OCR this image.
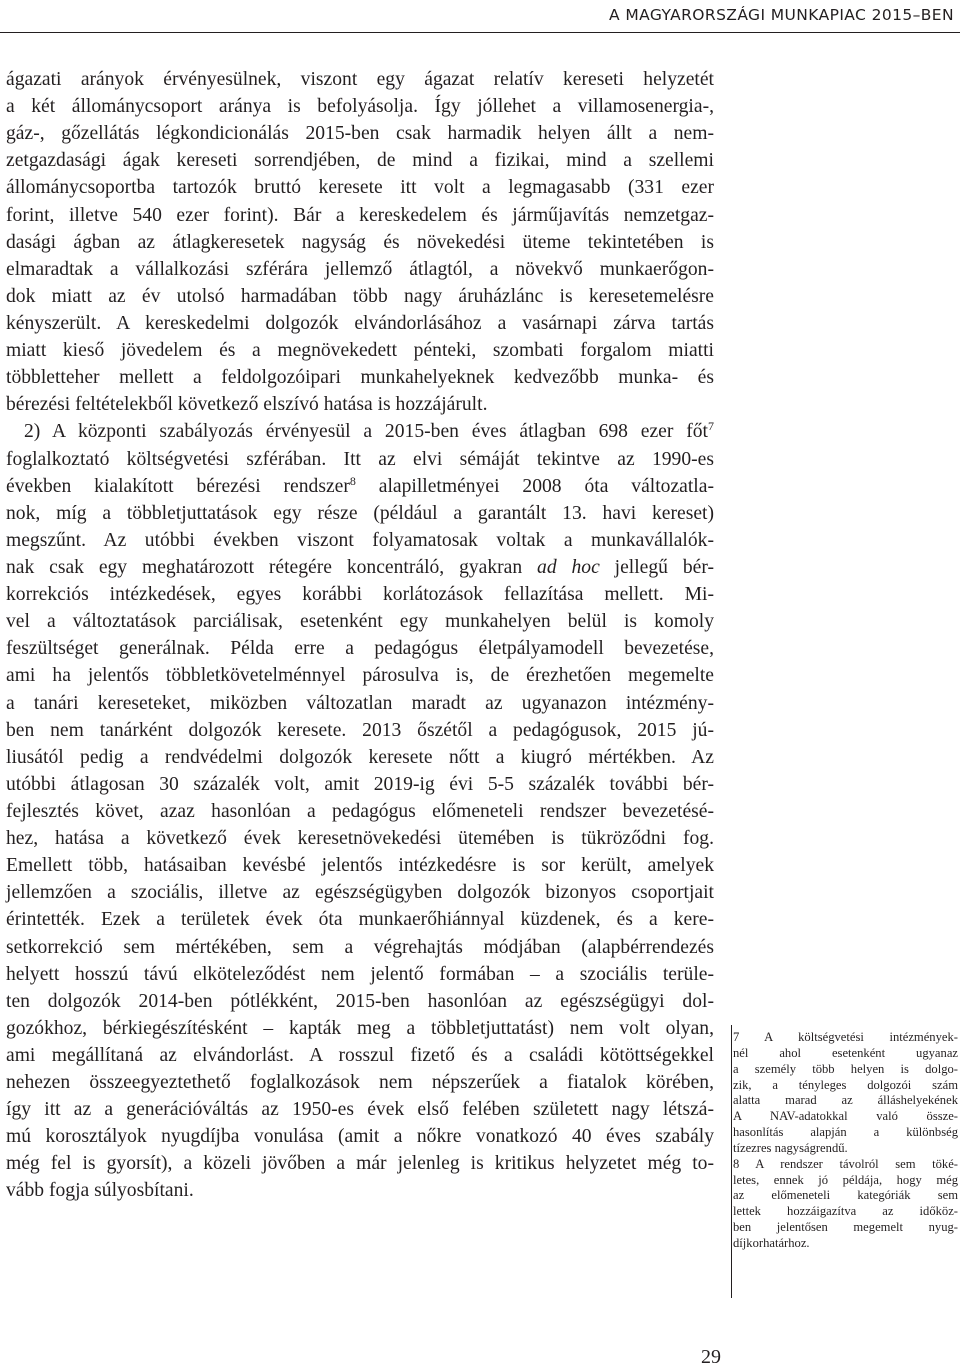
A MAGYARORSZÁGI MUNKAPIAC 2015–BEN
ágazati arányok érvényesülnek, viszont egy ágazat relatív kereseti helyzetét
a két állománycsoport aránya is befolyásolja. Így jóllehet a villamosenergia-,
gáz-, gőzellátás légkondicionálás 2015-ben csak harmadik helyen állt a nem-
zetgazdasági ágak kereseti sorrendjében, de mind a fizikai, mind a szellemi
állománycsoportba tartozók bruttó keresete itt volt a legmagasabb (331 ezer
forint, illetve 540 ezer forint). Bár a kereskedelem és járműjavítás nemzetgaz-
dasági ágban az átlagkeresetek nagyság és növekedési üteme tekintetében is
elmaradtak a vállalkozási szférára jellemző átlagtól, a növekvő munkaerőgon-
dok miatt az év utolsó harmadában több nagy áruházlánc is keresetemelésre
kényszerült. A kereskedelmi dolgozók elvándorlásához a vasárnapi zárva tartás
miatt kieső jövedelem és a megnövekedett pénteki, szombati forgalom miatti
többletteher mellett a feldolgozóipari munkahelyeknek kedvezőbb munka- és
bérezési feltételekből következő elszívó hatása is hozzájárult.
2) A központi szabályozás érvényesül a 2015-ben éves átlagban 698 ezer főt$^7$
foglalkoztató költségvetési szférában. Itt az elvi sémáját tekintve az 1990-es
években kialakított bérezési rendszer$^8$ alapilletményei 2008 óta változatla-
nok, míg a többletjuttatások egy része (például a garantált 13. havi kereset)
megszűnt. Az utóbbi években viszont folyamatosak voltak a munkavállalók-
nak csak egy meghatározott rétegére koncentráló, gyakran ad hoc jellegű bér-
korrekciós intézkedések, egyes korábbi korlátozások fellazítása mellett. Mi-
vel a változtatások parciálisak, esetenként egy munkahelyen belül is komoly
feszültséget generálnak. Példa erre a pedagógus életpályamodell bevezetése,
ami ha jelentős többletkövetelménnyel párosulva is, de érezhetően megemelte
a tanári kereseteket, miközben változatlan maradt az ugyanazon intézmény-
ben nem tanárként dolgozók keresete. 2013 őszétől a pedagógusok, 2015 jú-
liusától pedig a rendvédelmi dolgozók keresete nőtt a kiugró mértékben. Az
utóbbi átlagosan 30 százalék volt, amit 2019-ig évi 5-5 százalék további bér-
fejlesztés követ, azaz hasonlóan a pedagógus előmeneteli rendszer bevezetésé-
hez, hatása a következő évek keresetnövekedési ütemében is tükröződni fog.
Emellett több, hatásaiban kevésbé jelentős intézkedésre is sor került, amelyek
jellemzően a szociális, illetve az egészségügyben dolgozók bizonyos csoportjait
érintették. Ezek a területek évek óta munkaerőhiánnyal küzdenek, és a kere-
setkorrekció sem mértékében, sem a végrehajtás módjában (alapbérrendezés
helyett hosszú távú elköteleződést nem jelentő formában – a szociális terüle-
ten dolgozók 2014-ben pótlékként, 2015-ben hasonlóan az egészségügyi dol-
gozókhoz, bérkiegészítésként – kapták meg a többletjuttatást) nem volt olyan,
ami megállítaná az elvándorlást. A rosszul fizető és a családi kötöttségekkel
nehezen összeegyeztethető foglalkozások nem népszerűek a fiatalok körében,
így itt az a generációváltás az 1950-es évek első felében született nagy létszá-
mú korosztályok nyugdíjba vonulása (amit a nőkre vonatkozó 40 éves szabály
még fel is gyorsít), a közeli jövőben a már jelenleg is kritikus helyzetet még to-
vább fogja súlyosbítani.
7 A költségvetési intézmények-
nél ahol esetenként ugyanaz
a személy több helyen is dolgo-
zik, a tényleges dolgozói szám
alatta marad az álláshelyekének
A NAV-adatokkal való össze-
hasonlítás alapján a különbség
tízezres nagyságrendű.
8 A rendszer távolról sem töké-
letes, ennek jó példája, hogy még
az előmeneteli kategóriák sem
lettek hozzáigazítva az időköz-
ben jelentősen megemelt nyug-
díjkorhatárhoz.
29
